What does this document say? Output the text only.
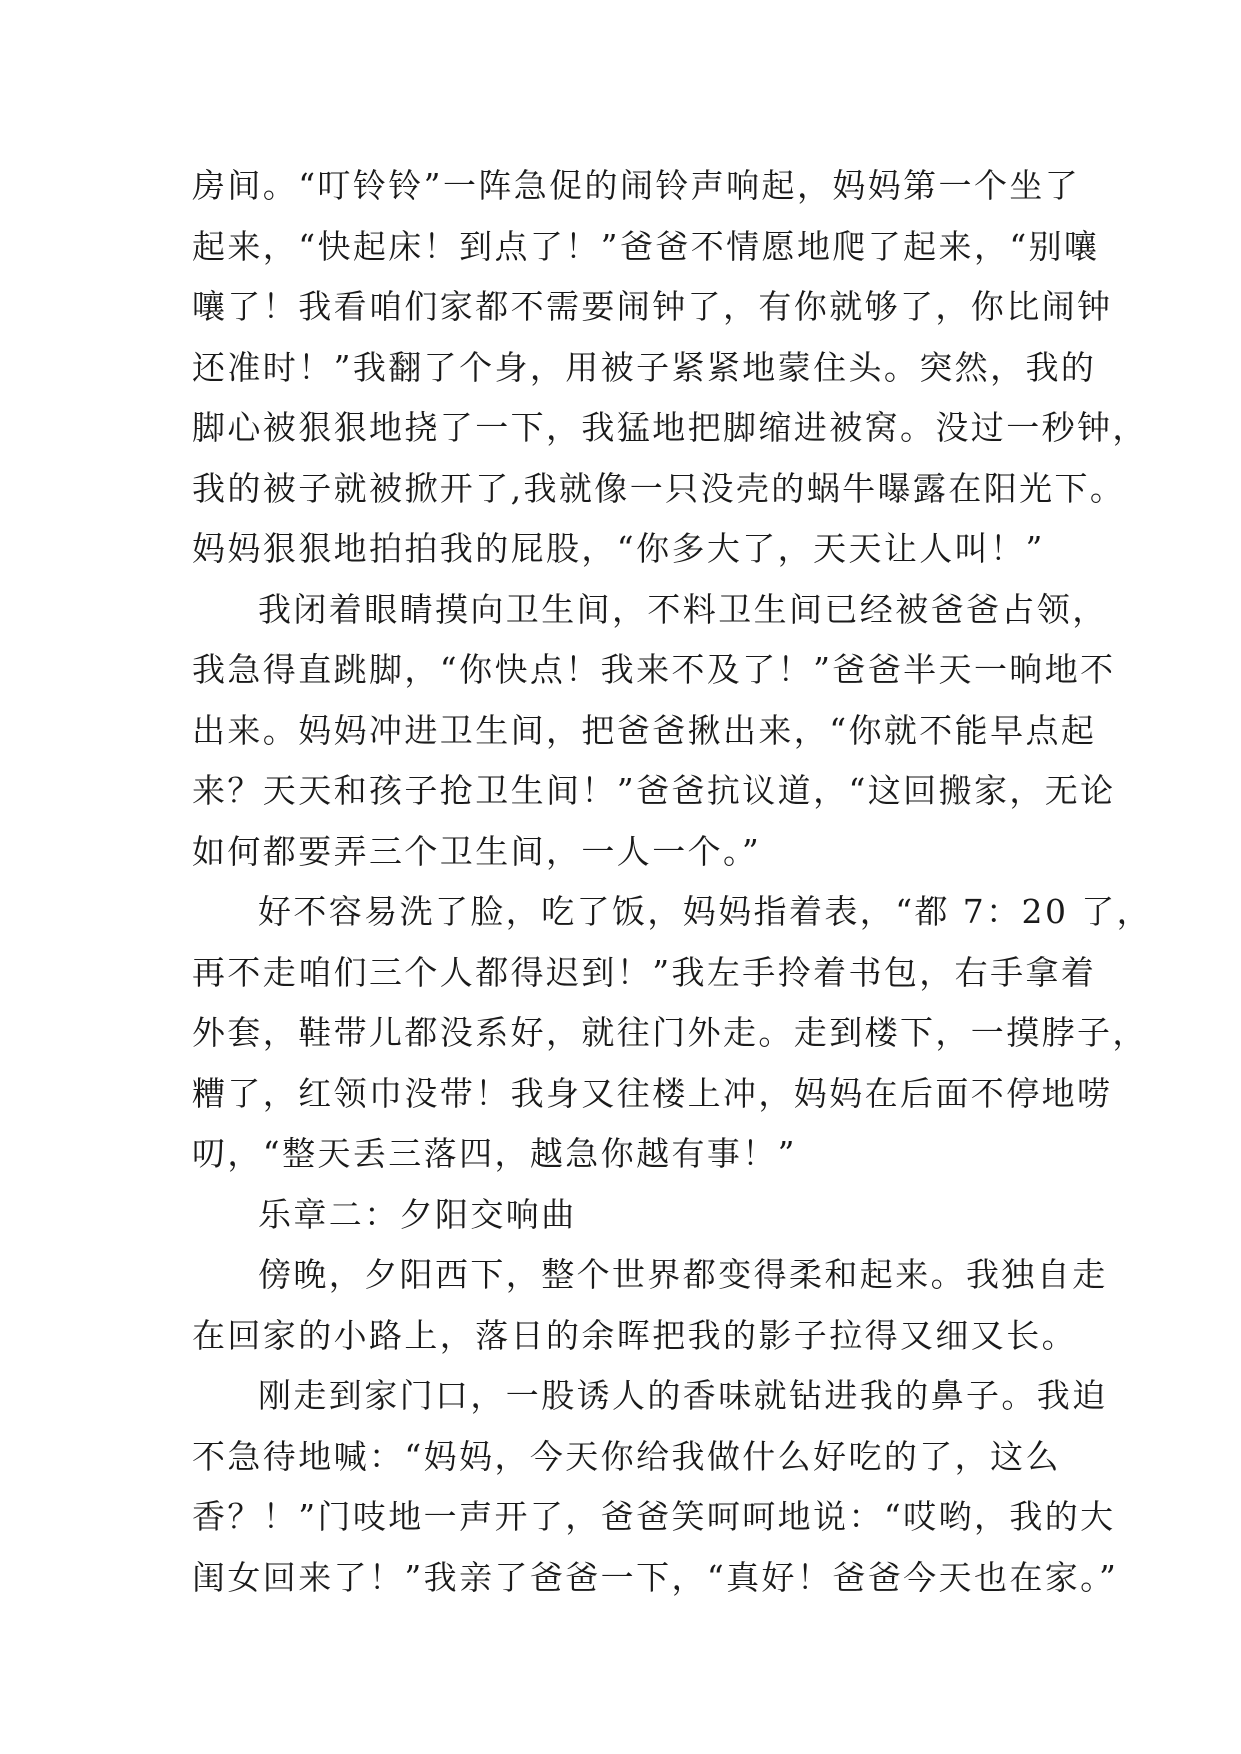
房间。“叮铃铃”一阵急促的闹铃声响起，妈妈第一个坐了
起来，“快起床！到点了！”爸爸不情愿地爬了起来，“别嚷
嚷了！我看咱们家都不需要闹钟了，有你就够了，你比闹钟
还准时！”我翻了个身，用被子紧紧地蒙住头。突然，我的
脚心被狠狠地挠了一下，我猛地把脚缩进被窝。没过一秒钟，
我的被子就被掀开了,我就像一只没壳的蜗牛曝露在阳光下。
妈妈狠狠地拍拍我的屁股，“你多大了，天天让人叫！”
我闭着眼睛摸向卫生间，不料卫生间已经被爸爸占领，
我急得直跳脚，“你快点！我来不及了！”爸爸半天一晌地不
出来。妈妈冲进卫生间，把爸爸揪出来，“你就不能早点起
来？天天和孩子抢卫生间！”爸爸抗议道，“这回搬家，无论
如何都要弄三个卫生间，一人一个。”
好不容易洗了脸，吃了饭，妈妈指着表，“都 7：20 了，
再不走咱们三个人都得迟到！”我左手拎着书包，右手拿着
外套，鞋带儿都没系好，就往门外走。走到楼下，一摸脖子，
糟了，红领巾没带！我身又往楼上冲，妈妈在后面不停地唠
叨，“整天丢三落四，越急你越有事！”
乐章二：夕阳交响曲
傍晚，夕阳西下，整个世界都变得柔和起来。我独自走
在回家的小路上，落日的余晖把我的影子拉得又细又长。
刚走到家门口，一股诱人的香味就钻进我的鼻子。我迫
不急待地喊：“妈妈，今天你给我做什么好吃的了，这么
香？！”门吱地一声开了，爸爸笑呵呵地说：“哎哟，我的大
闺女回来了！”我亲了爸爸一下，“真好！爸爸今天也在家。”
